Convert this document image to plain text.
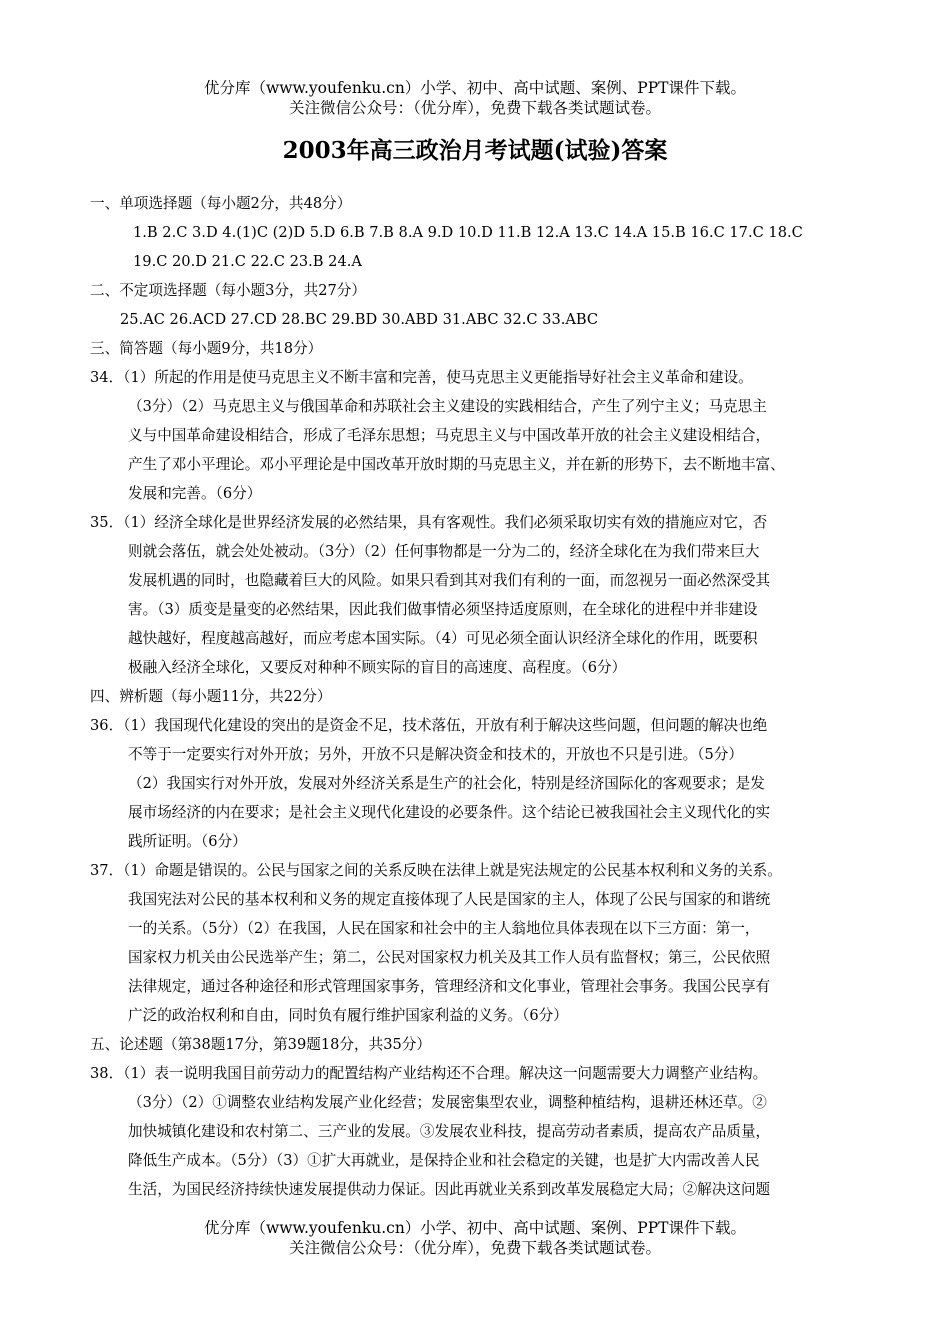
优分库（www.youfenku.cn）小学、初中、高中试题、案例、PPT课件下载。
关注微信公众号：（优分库），免费下载各类试题试卷。
2003年高三政治月考试题(试验)答案
一、单项选择题（每小题2分，共48分）
1.B 2.C 3.D 4.(1)C (2)D 5.D 6.B 7.B 8.A 9.D 10.D 11.B 12.A 13.C 14.A 15.B 16.C 17.C 18.C
19.C 20.D 21.C 22.C 23.B 24.A
二、不定项选择题（每小题3分，共27分）
25.AC 26.ACD 27.CD 28.BC 29.BD 30.ABD 31.ABC 32.C 33.ABC
三、简答题（每小题9分，共18分）
34．（1）所起的作用是使马克思主义不断丰富和完善，使马克思主义更能指导好社会主义革命和建设。
（3分）（2）马克思主义与俄国革命和苏联社会主义建设的实践相结合，产生了列宁主义；马克思主
义与中国革命建设相结合，形成了毛泽东思想；马克思主义与中国改革开放的社会主义建设相结合，
产生了邓小平理论。邓小平理论是中国改革开放时期的马克思主义，并在新的形势下，去不断地丰富、
发展和完善。（6分）
35．（1）经济全球化是世界经济发展的必然结果，具有客观性。我们必须采取切实有效的措施应对它，否
则就会落伍，就会处处被动。（3分）（2）任何事物都是一分为二的，经济全球化在为我们带来巨大
发展机遇的同时，也隐藏着巨大的风险。如果只看到其对我们有利的一面，而忽视另一面必然深受其
害。（3）质变是量变的必然结果，因此我们做事情必须坚持适度原则，在全球化的进程中并非建设
越快越好，程度越高越好，而应考虑本国实际。（4）可见必须全面认识经济全球化的作用，既要积
极融入经济全球化，又要反对种种不顾实际的盲目的高速度、高程度。（6分）
四、辨析题（每小题11分，共22分）
36．（1）我国现代化建设的突出的是资金不足，技术落伍，开放有利于解决这些问题，但问题的解决也绝
不等于一定要实行对外开放；另外，开放不只是解决资金和技术的，开放也不只是引进。（5分）
（2）我国实行对外开放，发展对外经济关系是生产的社会化，特别是经济国际化的客观要求；是发
展市场经济的内在要求；是社会主义现代化建设的必要条件。这个结论已被我国社会主义现代化的实
践所证明。（6分）
37．（1）命题是错误的。公民与国家之间的关系反映在法律上就是宪法规定的公民基本权利和义务的关系。
我国宪法对公民的基本权利和义务的规定直接体现了人民是国家的主人，体现了公民与国家的和谐统
一的关系。（5分）（2）在我国，人民在国家和社会中的主人翁地位具体表现在以下三方面：第一，
国家权力机关由公民选举产生；第二，公民对国家权力机关及其工作人员有监督权；第三，公民依照
法律规定，通过各种途径和形式管理国家事务，管理经济和文化事业，管理社会事务。我国公民享有
广泛的政治权利和自由，同时负有履行维护国家利益的义务。（6分）
五、论述题（第38题17分，第39题18分，共35分）
38．（1）表一说明我国目前劳动力的配置结构产业结构还不合理。解决这一问题需要大力调整产业结构。
（3分）（2）①调整农业结构发展产业化经营；发展密集型农业，调整种植结构，退耕还林还草。②
加快城镇化建设和农村第二、三产业的发展。③发展农业科技，提高劳动者素质，提高农产品质量，
降低生产成本。（5分）（3）①扩大再就业，是保持企业和社会稳定的关键，也是扩大内需改善人民
生活，为国民经济持续快速发展提供动力保证。因此再就业关系到改革发展稳定大局；②解决这问题
优分库（www.youfenku.cn）小学、初中、高中试题、案例、PPT课件下载。
关注微信公众号：（优分库），免费下载各类试题试卷。
